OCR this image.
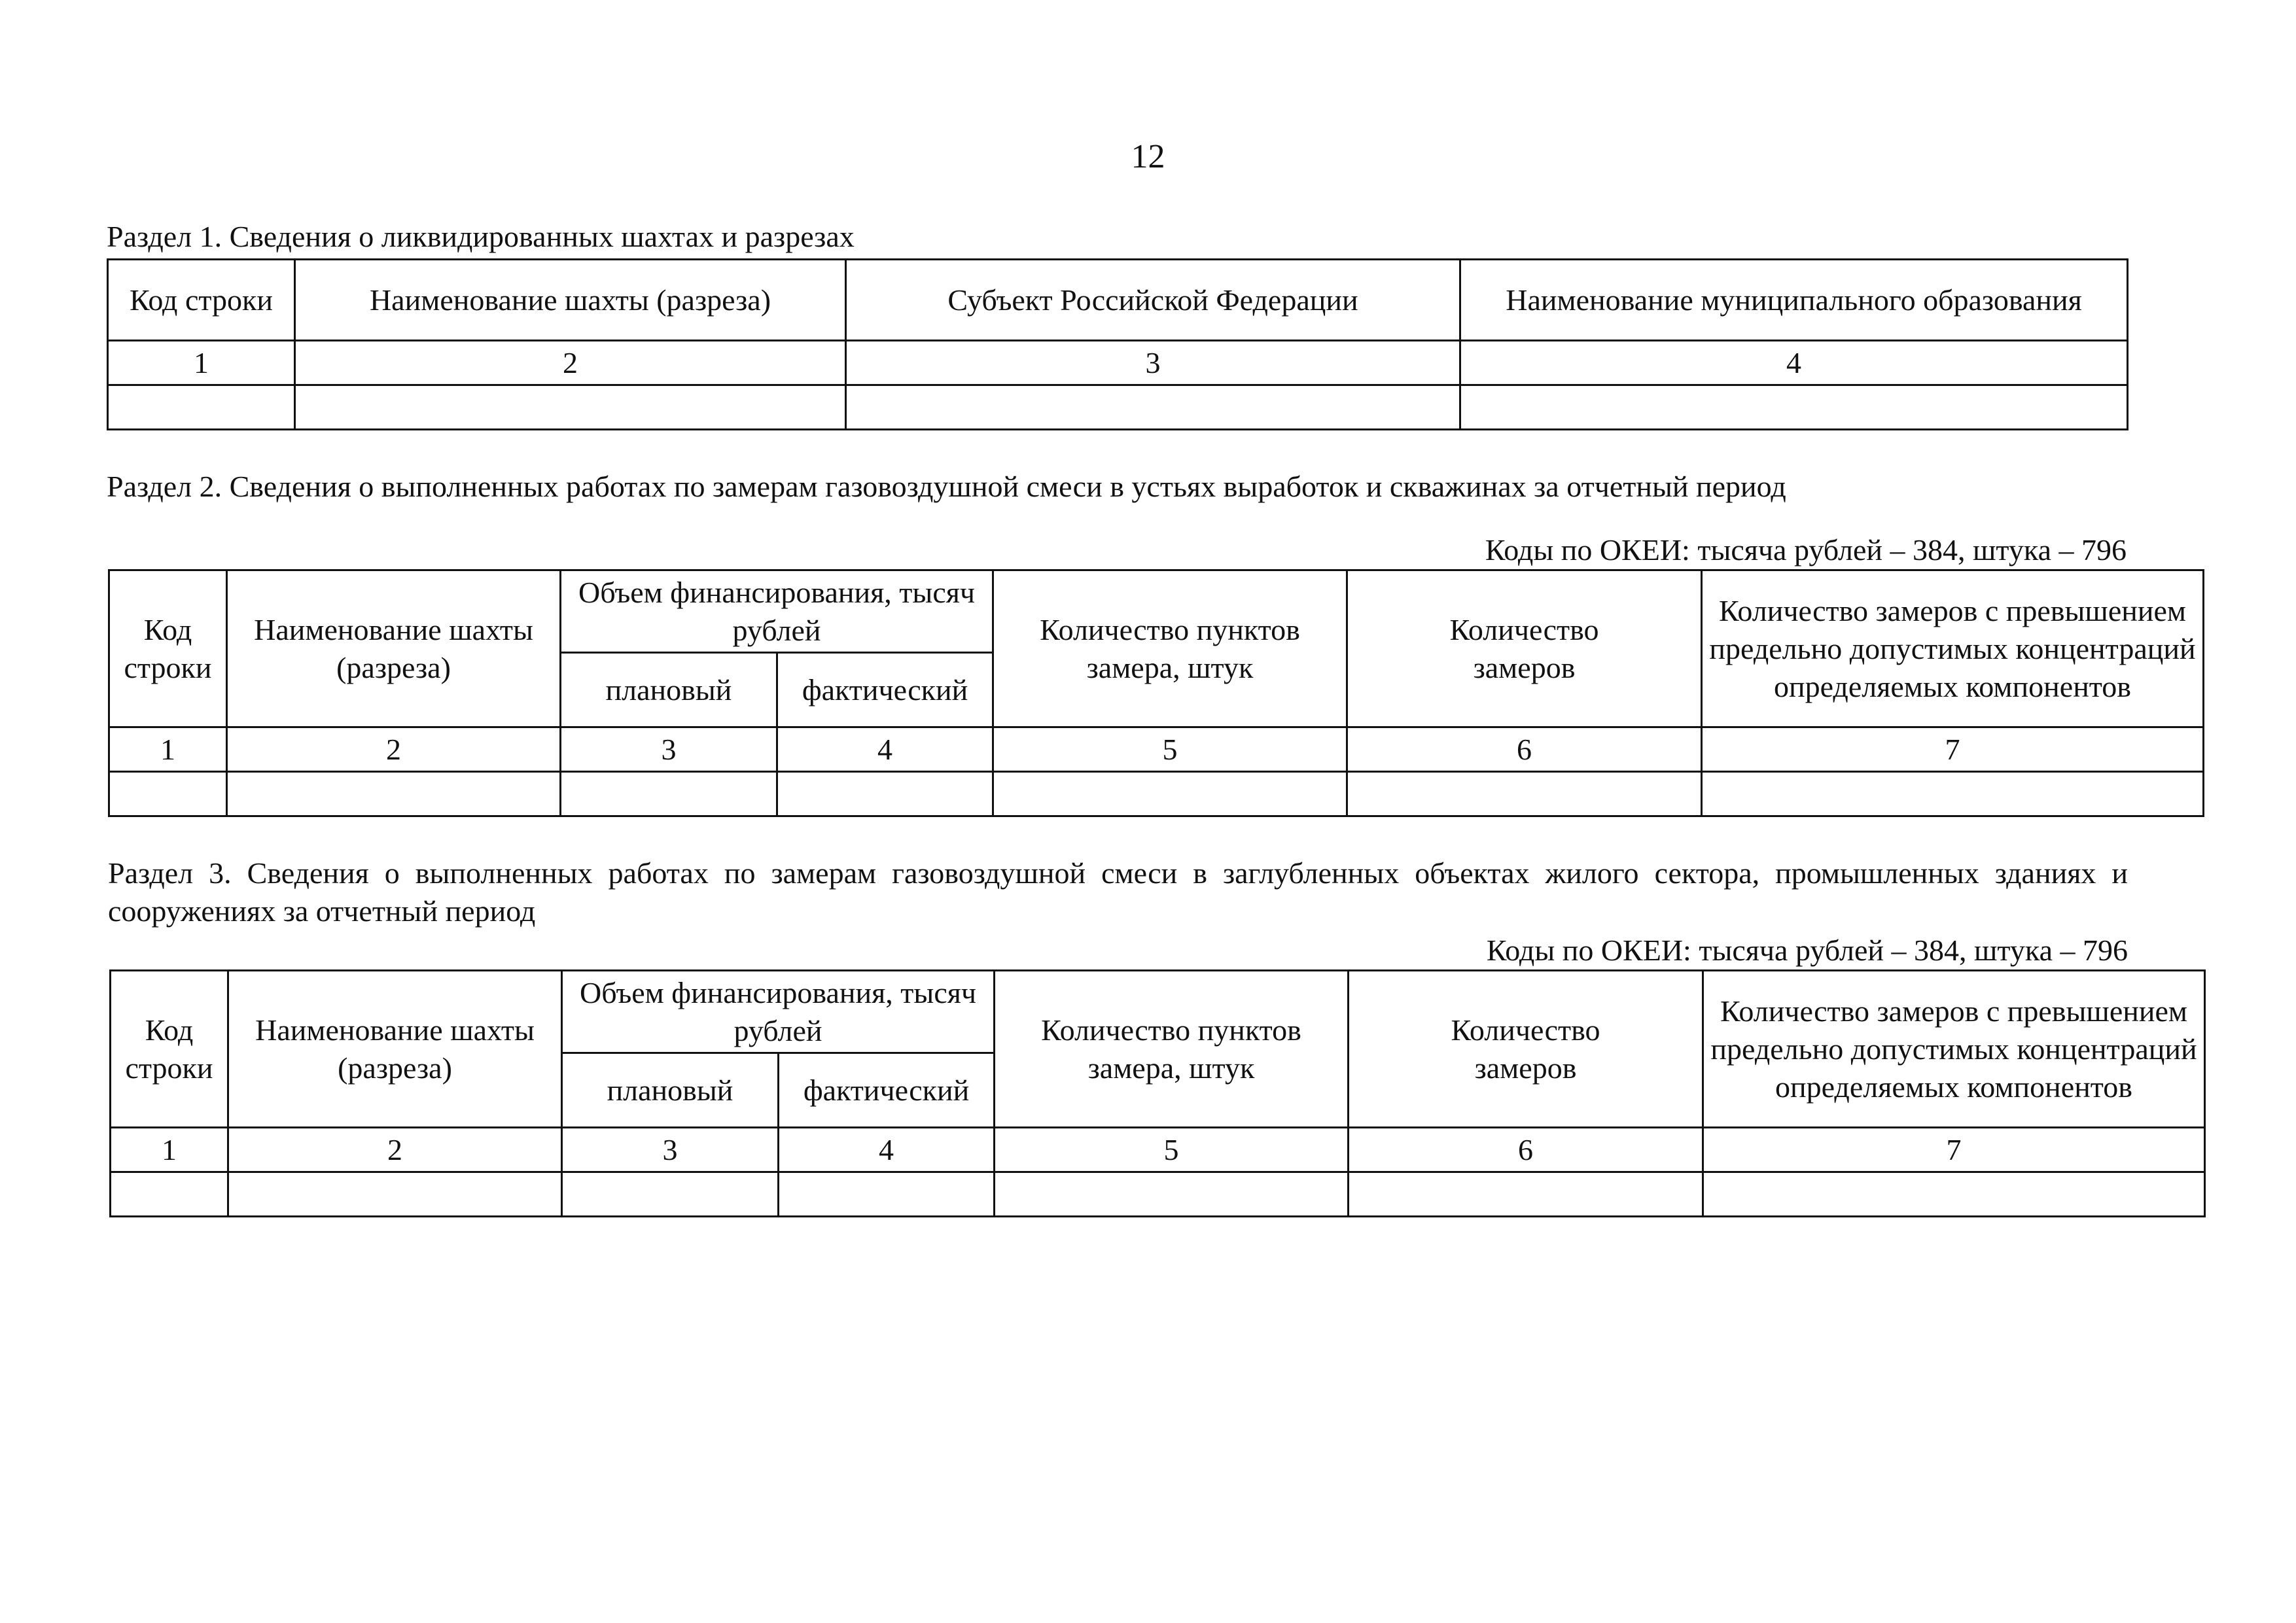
12
Раздел 1. Сведения о ликвидированных шахтах и разрезах
Код строки	Наименование шахты (разреза)	Субъект Российской Федерации	Наименование муниципального образования
1	2	3	4

Раздел 2. Сведения о выполненных работах по замерам газовоздушной смеси в устьях выработок и скважинах за отчетный период
Коды по ОКЕИ: тысяча рублей – 384, штука – 796
Код строки	Наименование шахты (разреза)	Объем финансирования, тысяч рублей		Количество пунктов замера, штук	Количество замеров	Количество замеров с превышением предельно допустимых концентраций определяемых компонентов
		плановый	фактический			
1	2	3	4	5	6	7

Раздел 3. Сведения о выполненных работах по замерам газовоздушной смеси в заглубленных объектах жилого сектора, промышленных зданиях и сооружениях за отчетный период
Коды по ОКЕИ: тысяча рублей – 384, штука – 796
Код строки	Наименование шахты (разреза)	Объем финансирования, тысяч рублей		Количество пунктов замера, штук	Количество замеров	Количество замеров с превышением предельно допустимых концентраций определяемых компонентов
		плановый	фактический			
1	2	3	4	5	6	7
